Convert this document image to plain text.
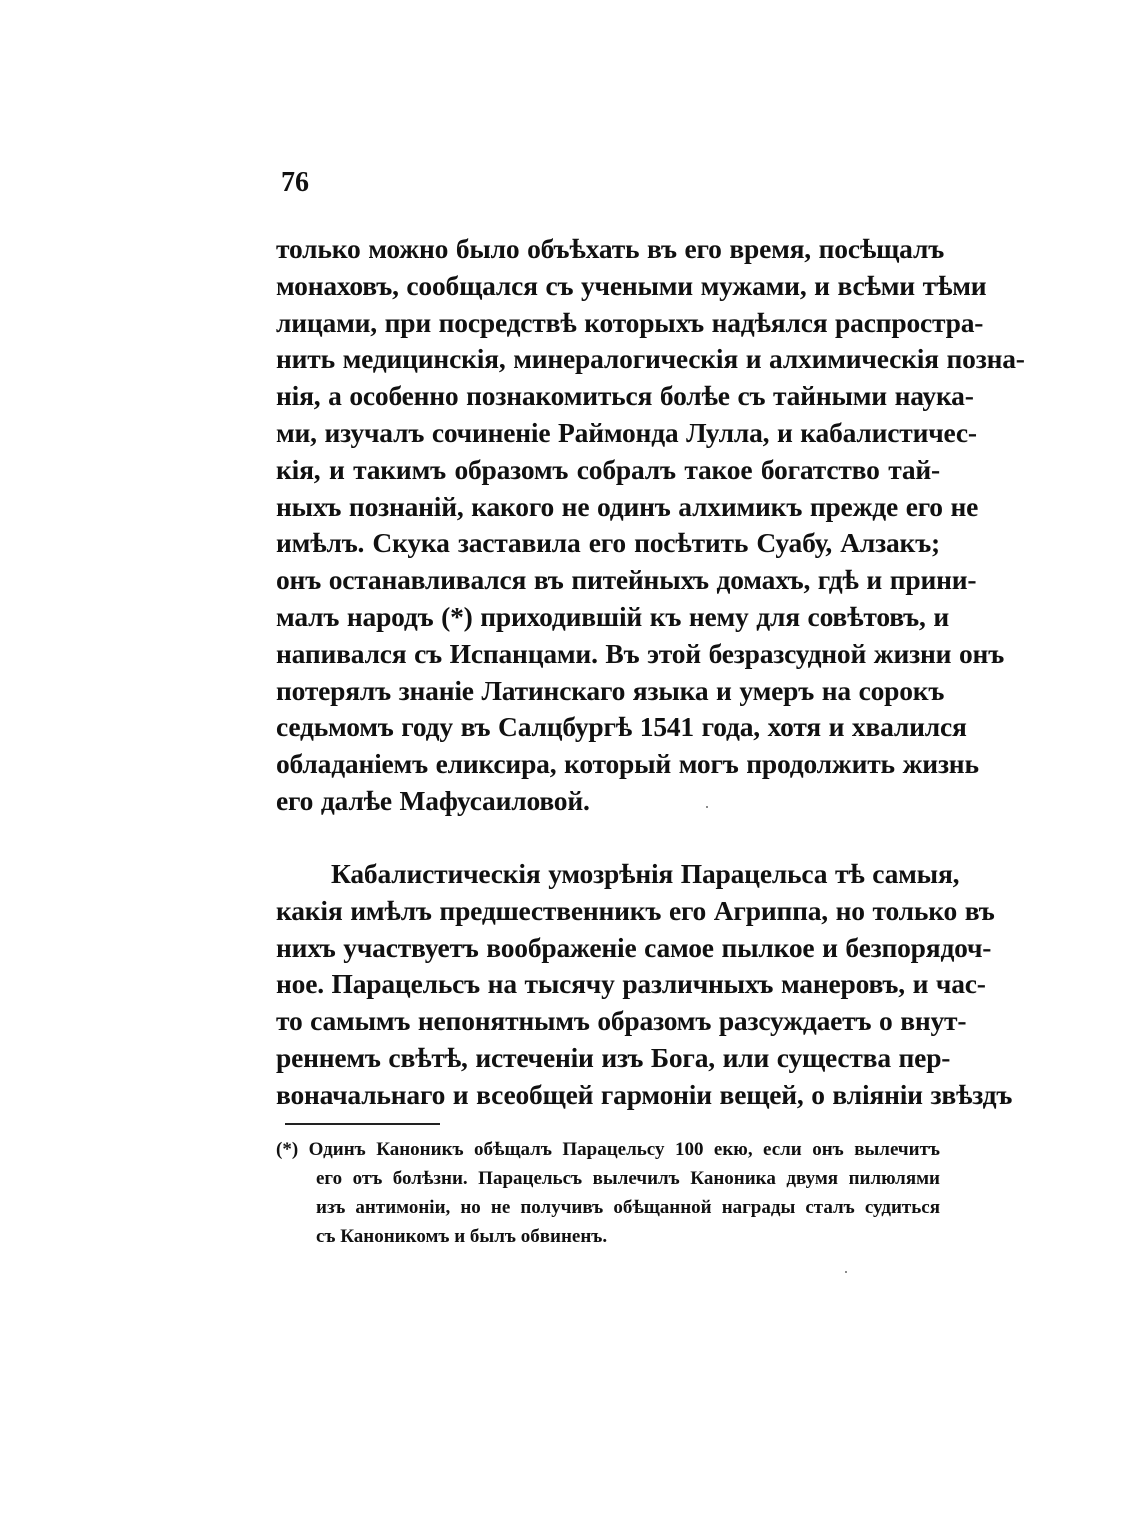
76
только можно было объѣхать въ его время, посѣщалъ
монаховъ, сообщался съ учеными мужами, и всѣми тѣми
лицами, при посредствѣ которыхъ надѣялся распростра-
нить медицинскія, минералогическія и алхимическія позна-
нія, а особенно познакомиться болѣе съ тайными наука-
ми, изучалъ сочиненіе Раймонда Лулла, и кабалистичес-
кія, и такимъ образомъ собралъ такое богатство тай-
ныхъ познаній, какого не одинъ алхимикъ прежде его не
имѣлъ. Скука заставила его посѣтить Суабу, Алзакъ;
онъ останавливался въ питейныхъ домахъ, гдѣ и прини-
малъ народъ (*) приходившій къ нему для совѣтовъ, и
напивался съ Испанцами. Въ этой безразсудной жизни онъ
потерялъ знаніе Латинскаго языка и умеръ на сорокъ
седьмомъ году въ Салцбургѣ 1541 года, хотя и хвалился
обладаніемъ еликсира, который могъ продолжить жизнь
его далѣе Мафусаиловой.
Кабалистическія умозрѣнія Парацельса тѣ самыя,
какія имѣлъ предшественникъ его Агриппа, но только въ
нихъ участвуетъ воображеніе самое пылкое и безпорядоч-
ное. Парацельсъ на тысячу различныхъ манеровъ, и час-
то самымъ непонятнымъ образомъ разсуждаетъ о внут-
реннемъ свѣтѣ, истеченіи изъ Бога, или существа пер-
воначальнаго и всеобщей гармоніи вещей, о вліяніи звѣздъ
(*) Одинъ Каноникъ обѣщалъ Парацельсу 100 екю, если онъ вылечитъ
его отъ болѣзни. Парацельсъ вылечилъ Каноника двумя пилюлями
изъ антимоніи, но не получивъ обѣщанной награды сталъ судиться
съ Каноникомъ и былъ обвиненъ.
